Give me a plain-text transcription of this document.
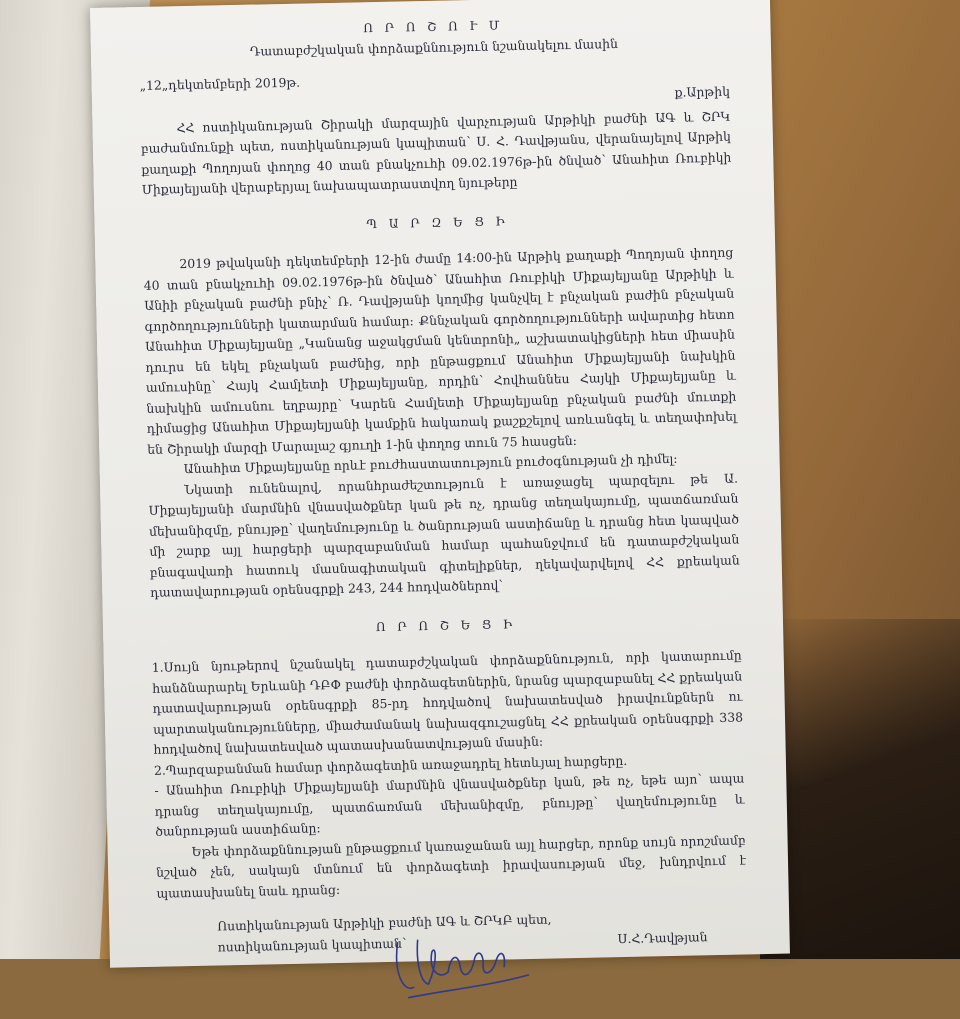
Ո Ր Ո Շ Ո Ւ Մ
Դատաբժշկական փորձաքննություն նշանակելու մասին
„12„դեկտեմբերի 2019թ.	ք.Արթիկ
ՀՀ ոստիկանության Շիրակի մարզային վարչության Արթիկի բաժնի ԱԳ և ՇՐԿ բաժանմունքի պետ, ոստիկանության կապիտան՝ Ս. Հ. Դավթյանս, վերանայելով Արթիկ քաղաքի Պողոյան փողոց 40 տան բնակչուհի 09.02.1976թ-ին ծնված՝ Անահիտ Ռուբիկի Միքայելյանի վերաբերյալ նախապատրաստվող նյութերը
Պ Ա Ր Զ Ե Ց Ի
2019 թվականի դեկտեմբերի 12-ին ժամը 14:00-ին Արթիկ քաղաքի Պողոյան փողոց 40 տան բնակչուհի 09.02.1976թ-ին ծնված՝ Անահիտ Ռուբիկի Միքայելյանը Արթիկի և Անիի բնչական բաժնի բնիչ՝ Ռ. Դավթյանի կողմից կանչվել է բնչական բաժին բնչական գործողությունների կատարման համար: Քննչական գործողությունների ավարտից հետո Անահիտ Միքայելյանը „Կանանց աջակցման կենտրոնի„ աշխատակիցների հետ միասին դուրս են եկել բնչական բաժնից, որի ընթացքում Անահիտ Միքայելյանի նախկին ամուսինը՝ Հայկ Համլետի Միքայելյանը, որդին՝ Հովհաննես Հայկի Միքայելյանը և նախկին ամուսնու եղբայրը՝ Կարեն Համլետի Միքայելյանը բնչական բաժնի մուտքի դիմացից Անահիտ Միքայելյանի կամքին հակառակ քաշքշելով առևանգել և տեղափոխել են Շիրակի մարզի Մարալաշ գյուղի 1-ին փողոց տուն 75 հասցեն:
Անահիտ Միքայելյանը որևէ բուժհաստատություն բուժօգնության չի դիմել:
Նկատի ունենալով, որանհրաժեշտություն է առաջացել պարզելու թե Ա. Միքայելյանի մարմնին վնասվածքներ կան թե ոչ, դրանց տեղակայումը, պատճառման մեխանիզմը, բնույթը՝ վաղեմությունը և ծանրության աստիճանը և դրանց հետ կապված մի շարք այլ հարցերի պարզաբանման համար պահանջվում են դատաբժշկական բնագավառի հատուկ մասնագիտական գիտելիքներ, ղեկավարվելով ՀՀ քրեական դատավարության օրենսգրքի 243, 244 հոդվածներով՝
Ո Ր Ո Շ Ե Ց Ի
1.Սույն նյութերով նշանակել դատաբժշկական փորձաքննություն, որի կատարումը հանձնարարել Երևանի ԴԲՓ բաժնի փորձագետներին, նրանց պարզաբանել ՀՀ քրեական դատավարության օրենսգրքի 85-րդ հոդվածով նախատեսված իրավունքներն ու պարտականությունները, միաժամանակ նախազգուշացնել ՀՀ քրեական օրենսգրքի 338 հոդվածով նախատեսված պատասխանատվության մասին:
2.Պարզաբանման համար փորձագետին առաջադրել հետևյալ հարցերը.
- Անահիտ Ռուբիկի Միքայելյանի մարմնին վնասվածքներ կան, թե ոչ, եթե այո՝ ապա դրանց տեղակայումը, պատճառման մեխանիզմը, բնույթը՝ վաղեմությունը և ծանրության աստիճանը:
Եթե փորձաքննության ընթացքում կառաջանան այլ հարցեր, որոնք սույն որոշմամբ նշված չեն, սակայն մտնում են փորձագետի իրավասության մեջ, խնդրվում է պատասխանել նաև դրանց:
Ոստիկանության Արթիկի բաժնի ԱԳ և ՇՐԿԲ պետ,
ոստիկանության կապիտան՝	Ս.Հ.Դավթյան
